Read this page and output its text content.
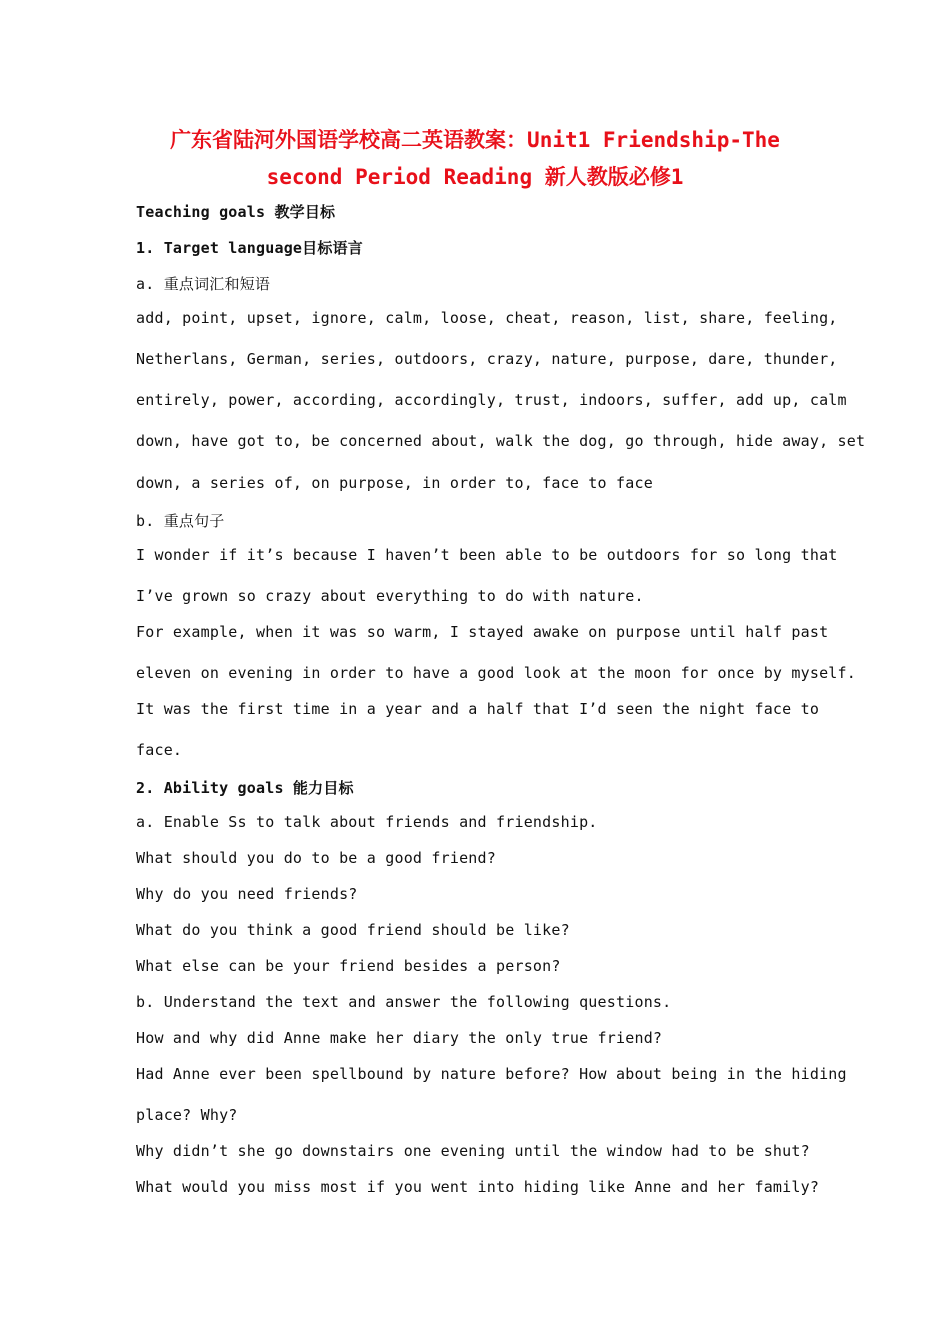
广东省陆河外国语学校高二英语教案：Unit1 Friendship-The
second Period Reading 新人教版必修1
Teaching goals 教学目标
1. Target language目标语言
a. 重点词汇和短语
add, point, upset, ignore, calm, loose, cheat, reason, list, share, feeling,
Netherlans, German, series, outdoors, crazy, nature, purpose, dare, thunder,
entirely, power, according, accordingly, trust, indoors, suffer, add up, calm
down, have got to, be concerned about, walk the dog, go through, hide away, set
down, a series of, on purpose, in order to, face to face
b. 重点句子
I wonder if it’s because I haven’t been able to be outdoors for so long that
I’ve grown so crazy about everything to do with nature.
For example, when it was so warm, I stayed awake on purpose until half past
eleven on evening in order to have a good look at the moon for once by myself.
It was the first time in a year and a half that I’d seen the night face to
face.
2. Ability goals 能力目标
a. Enable Ss to talk about friends and friendship.
What should you do to be a good friend?
Why do you need friends?
What do you think a good friend should be like?
What else can be your friend besides a person?
b. Understand the text and answer the following questions.
How and why did Anne make her diary the only true friend?
Had Anne ever been spellbound by nature before? How about being in the hiding
place? Why?
Why didn’t she go downstairs one evening until the window had to be shut?
What would you miss most if you went into hiding like Anne and her family?
